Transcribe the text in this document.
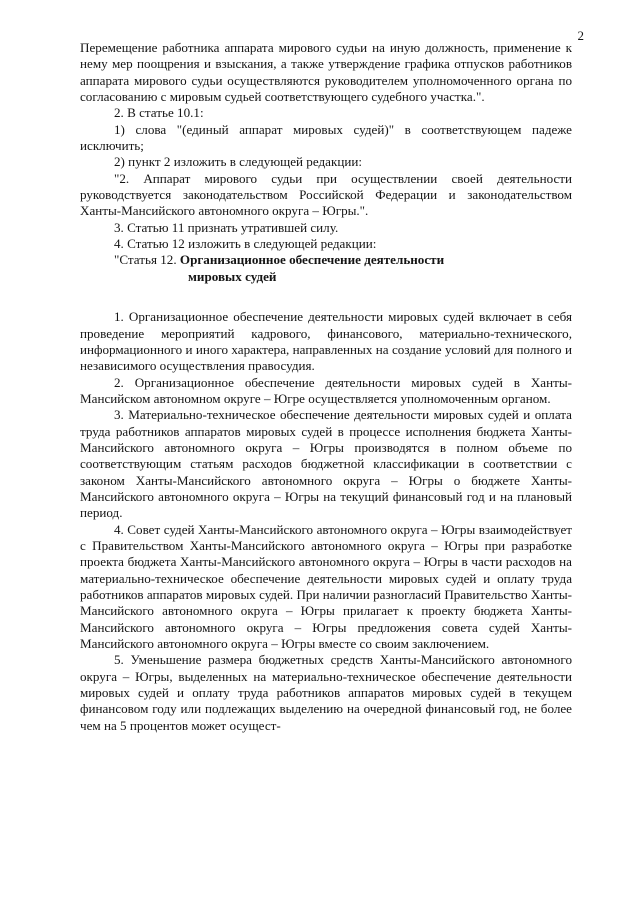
2

Перемещение работника аппарата мирового судьи на иную должность, применение к нему мер поощрения и взыскания, а также утверждение графика отпусков работников аппарата мирового судьи осуществляются руководителем уполномоченного органа по согласованию с мировым судьей соответствующего судебного участка.".

2. В статье 10.1:

1) слова "(единый аппарат мировых судей)" в соответствующем падеже исключить;

2) пункт 2 изложить в следующей редакции:

"2. Аппарат мирового судьи при осуществлении своей деятельности руководствуется законодательством Российской Федерации и законодательством Ханты-Мансийского автономного округа – Югры.".

3. Статью 11 признать утратившей силу.

4. Статью 12 изложить в следующей редакции:

"Статья 12. Организационное обеспечение деятельности
мировых судей

1. Организационное обеспечение деятельности мировых судей включает в себя проведение мероприятий кадрового, финансового, материально-технического, информационного и иного характера, направленных на создание условий для полного и независимого осуществления правосудия.

2. Организационное обеспечение деятельности мировых судей в Ханты-Мансийском автономном округе – Югре осуществляется уполномоченным органом.

3. Материально-техническое обеспечение деятельности мировых судей и оплата труда работников аппаратов мировых судей в процессе исполнения бюджета Ханты-Мансийского автономного округа – Югры производятся в полном объеме по соответствующим статьям расходов бюджетной классификации в соответствии с законом Ханты-Мансийского автономного округа – Югры о бюджете Ханты-Мансийского автономного округа – Югры на текущий финансовый год и на плановый период.

4. Совет судей Ханты-Мансийского автономного округа – Югры взаимодействует с Правительством Ханты-Мансийского автономного округа – Югры при разработке проекта бюджета Ханты-Мансийского автономного округа – Югры в части расходов на материально-техническое обеспечение деятельности мировых судей и оплату труда работников аппаратов мировых судей. При наличии разногласий Правительство Ханты-Мансийского автономного округа – Югры прилагает к проекту бюджета Ханты-Мансийского автономного округа – Югры предложения совета судей Ханты-Мансийского автономного округа – Югры вместе со своим заключением.

5. Уменьшение размера бюджетных средств Ханты-Мансийского автономного округа – Югры, выделенных на материально-техническое обеспечение деятельности мировых судей и оплату труда работников аппаратов мировых судей в текущем финансовом году или подлежащих выделению на очередной финансовый год, не более чем на 5 процентов может осущест-
